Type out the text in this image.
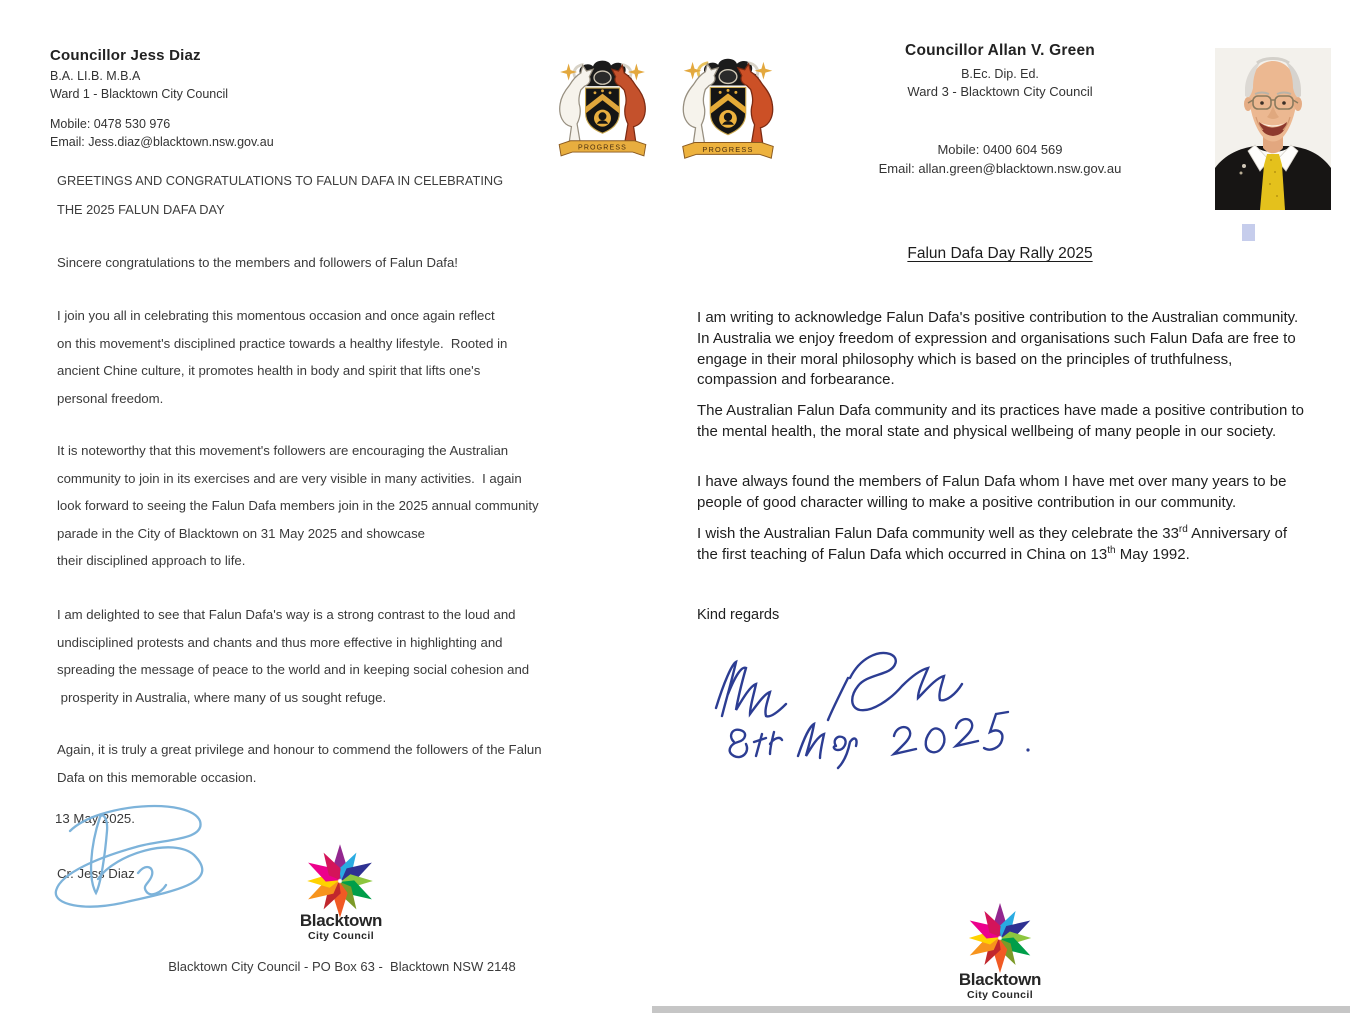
Councillor Jess Diaz
B.A. LI.B. M.B.A
Ward 1 - Blacktown City Council
Mobile: 0478 530 976
Email: Jess.diaz@blacktown.nsw.gov.au
GREETINGS AND CONGRATULATIONS TO FALUN DAFA IN CELEBRATING
THE 2025 FALUN DAFA DAY
Sincere congratulations to the members and followers of Falun Dafa!
I join you all in celebrating this momentous occasion and once again reflect
on this movement's disciplined practice towards a healthy lifestyle.  Rooted in
ancient Chine culture, it promotes health in body and spirit that lifts one's
personal freedom.
It is noteworthy that this movement's followers are encouraging the Australian
community to join in its exercises and are very visible in many activities.  I again
look forward to seeing the Falun Dafa members join in the 2025 annual community
parade in the City of Blacktown on 31 May 2025 and showcase
their disciplined approach to life.
I am delighted to see that Falun Dafa's way is a strong contrast to the loud and
undisciplined protests and chants and thus more effective in highlighting and
spreading the message of peace to the world and in keeping social cohesion and
prosperity in Australia, where many of us sought refuge.
Again, it is truly a great privilege and honour to commend the followers of the Falun
Dafa on this memorable occasion.
13 May 2025.
Cr. Jess Diaz
Blacktown
City Council
Blacktown City Council - PO Box 63 -  Blacktown NSW 2148
PROGRESS	PROGRESS
Councillor Allan V. Green
B.Ec. Dip. Ed.
Ward 3 - Blacktown City Council
Mobile: 0400 604 569
Email: allan.green@blacktown.nsw.gov.au
Falun Dafa Day Rally 2025
I am writing to acknowledge Falun Dafa's positive contribution to the Australian community. In Australia we enjoy freedom of expression and organisations such Falun Dafa are free to engage in their moral philosophy which is based on the principles of truthfulness, compassion and forbearance.
The Australian Falun Dafa community and its practices have made a positive contribution to the mental health, the moral state and physical wellbeing of many people in our society.
I have always found the members of Falun Dafa whom I have met over many years to be people of good character willing to make a positive contribution in our community.
I wish the Australian Falun Dafa community well as they celebrate the 33rd Anniversary of the first teaching of Falun Dafa which occurred in China on 13th May 1992.
Kind regards
Blacktown
City Council
